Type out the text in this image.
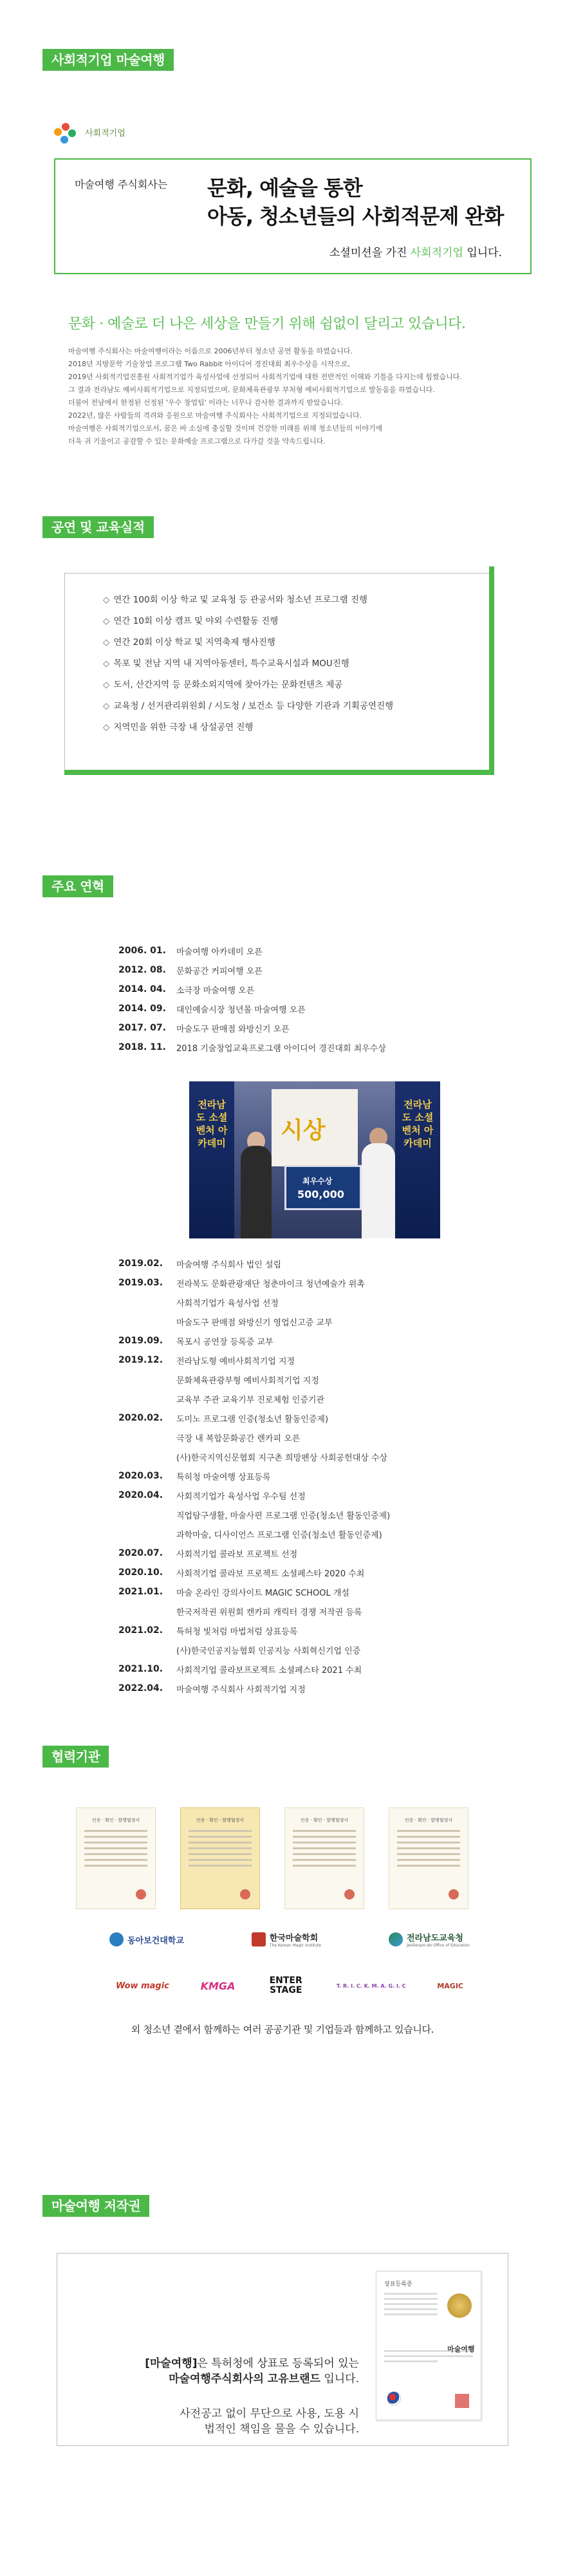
사회적기업 마술여행
사회적기업
마술여행 주식회사는 문화, 예술을 통한
아동, 청소년들의 사회적문제 완화
소셜미션을 가진 사회적기업 입니다.
문화 · 예술로 더 나은 세상을 만들기 위해 쉼없이 달리고 있습니다.
마술여행 주식회사는 마술여행이라는 이름으로 2006년부터 청소년 공연 활동을 하였습니다.
2018년 지방문학 기술창업 프로그램 Two Rabbit 아이디어 경진대회 최우수상을 시작으로,
2019년 사회적기업진흥원 사회적기업가 육성사업에 선정되어 사회적기업에 대한 전반적인 이해와 기틀을 다지는데 힘썼습니다.
그 결과 전라남도 예비사회적기업으로 지정되었으며, 문화체육관광부 부처형 예비사회적기업으로 발돋움을 하였습니다.
더불어 전남에서 한정된 선정된 '우수 창업팀' 이라는 너무나 감사한 결과까지 받았습니다.
2022년, 많은 사람들의 격려와 응원으로 마술여행 주식회사는 사회적기업으로 지정되었습니다.
마술여행은 사회적기업으로서, 꿈은 바 소실에 충실할 것이며 건강한 미래를 위해 청소년들의 이야기에
더욱 귀 기울이고 공감할 수 있는 문화예술 프로그램으로 다가갈 것을 약속드립니다.
공연 및 교육실적
◇ 연간 100회 이상 학교 및 교육청 등 관공서와 청소년 프로그램 진행
◇ 연간 10회 이상 캠프 및 야외 수련활동 진행
◇ 연간 20회 이상 학교 및 지역축제 행사진행
◇ 목포 및 전남 지역 내 지역아동센터, 특수교육시설과 MOU진행
◇ 도서, 산간지역 등 문화소외지역에 찾아가는 문화컨텐츠 제공
◇ 교육청 / 선거관리위원회 / 시도청 / 보건소 등 다양한 기관과 기획공연진행
◇ 지역민을 위한 극장 내 상설공연 진행
주요 연혁
2006. 01.	마술여행 아카데미 오픈
2012. 08.	문화공간 커피여행 오픈
2014. 04.	소극장 마술여행 오픈
2014. 09.	대인예술시장 청년몰 마술여행 오픈
2017. 07.	마술도구 판매점 와방신기 오픈
2018. 11.	2018 기술창업교육프로그램 아이디어 경진대회 최우수상
전라남도 소셜벤처 아카데미
전라남도 소셜벤처 아카데미
시상
최우수상
500,000
2019.02.	마술여행 주식회사 법인 설립
2019.03.	전라북도 문화관광재단 청춘마이크 청년예술가 위촉
사회적기업가 육성사업 선정
마술도구 판매점 와방신기 영업신고증 교부
2019.09.	목포시 공연장 등록증 교부
2019.12.	전라남도형 예비사회적기업 지정
문화체육관광부형 예비사회적기업 지정
교육부 주관 교육기부 진로체험 인증기관
2020.02.	도미노 프로그램 인증(청소년 활동인증제)
극장 내 복합문화공간 렌카피 오픈
(사)한국지역신문협회 지구촌 희망펜상 사회공헌대상 수상
2020.03.	특허청 마술여행 상표등록
2020.04.	사회적기업가 육성사업 우수팀 선정
직업탐구생활, 마술사편 프로그램 인증(청소년 활동인증제)
과학마술, 디사이언스 프로그램 인증(청소년 활동인증제)
2020.07.	사회적기업 콜라보 프로젝트 선정
2020.10.	사회적기업 콜라보 프로젝트 소셜페스타 2020 수최
2021.01.	마술 온라인 강의사이트 MAGIC SCHOOL 개설
한국저작권 위원회 캔카피 캐릭터 경쟁 저작권 등록
2021.02.	특허청 빛처럼 마법처럼 상표등록
(사)한국인공지능협회 인공지능 사회혁신기업 인증
2021.10.	사회적기업 콜라보프로젝트 소셜페스타 2021 수최
2022.04.	마술여행 주식회사 사회적기업 지정
협력기관
인증 · 확인 · 발행협정서	인증 · 확인 · 발행협정서	인증 · 확인 · 발행협정서	인증 · 확인 · 발행협정서
동아보건대학교	한국마술학회
The Korean Magic Institute
전라남도교육청
Jeollanam-do Office of Education
Wow magic	KMGA	ENTER STAGE	T. R. I. C. K. M. A. G. I. C	MAGIC
외 청소년 곁에서 함께하는 여러 공공기관 및 기업들과 함께하고 있습니다.
마술여행 저작권
[마술여행]은 특허청에 상표로 등록되어 있는
마술여행주식회사의 고유브랜드 입니다.
사전공고 없이 무단으로 사용, 도용 시
법적인 책임을 물을 수 있습니다.
상표등록증
마술여행
